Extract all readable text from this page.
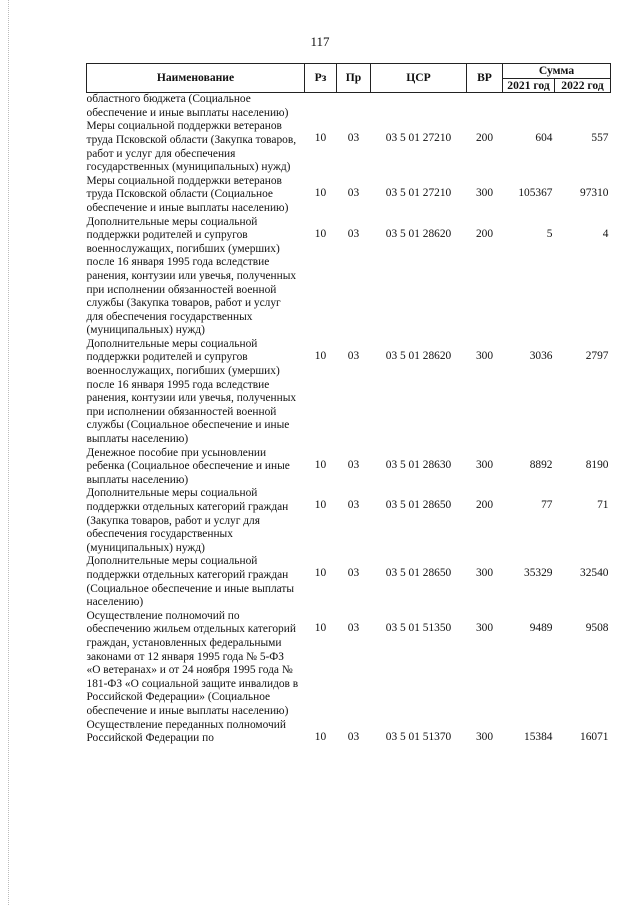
117
Наименование	Рз	Пр	ЦСР	ВР	Сумма	
					2021 год	2022 год
областного бюджета (Социальное обеспечение и иные выплаты населению)						
Меры социальной поддержки ветеранов труда Псковской области (Закупка товаров, работ и услуг для обеспечения государственных (муниципальных) нужд)	10	03	03 5 01 27210	200	604	557
Меры социальной поддержки ветеранов труда Псковской области (Социальное обеспечение и иные выплаты населению)	10	03	03 5 01 27210	300	105367	97310
Дополнительные меры социальной поддержки родителей и супругов военнослужащих, погибших (умерших) после 16 января 1995 года вследствие ранения, контузии или увечья, полученных при исполнении обязанностей военной службы (Закупка товаров, работ и услуг для обеспечения государственных (муниципальных) нужд)	10	03	03 5 01 28620	200	5	4
Дополнительные меры социальной поддержки родителей и супругов военнослужащих, погибших (умерших) после 16 января 1995 года вследствие ранения, контузии или увечья, полученных при исполнении обязанностей военной службы (Социальное обеспечение и иные выплаты населению)	10	03	03 5 01 28620	300	3036	2797
Денежное пособие при усыновлении ребенка (Социальное обеспечение и иные выплаты населению)	10	03	03 5 01 28630	300	8892	8190
Дополнительные меры социальной поддержки отдельных категорий граждан (Закупка товаров, работ и услуг для обеспечения государственных (муниципальных) нужд)	10	03	03 5 01 28650	200	77	71
Дополнительные меры социальной поддержки отдельных категорий граждан (Социальное обеспечение и иные выплаты населению)	10	03	03 5 01 28650	300	35329	32540
Осуществление полномочий по обеспечению жильем отдельных категорий граждан, установленных федеральными законами от 12 января 1995 года № 5-ФЗ «О ветеранах» и от 24 ноября 1995 года № 181-ФЗ «О социальной защите инвалидов в Российской Федерации» (Социальное обеспечение и иные выплаты населению)	10	03	03 5 01 51350	300	9489	9508
Осуществление переданных полномочий Российской Федерации по	10	03	03 5 01 51370	300	15384	16071
